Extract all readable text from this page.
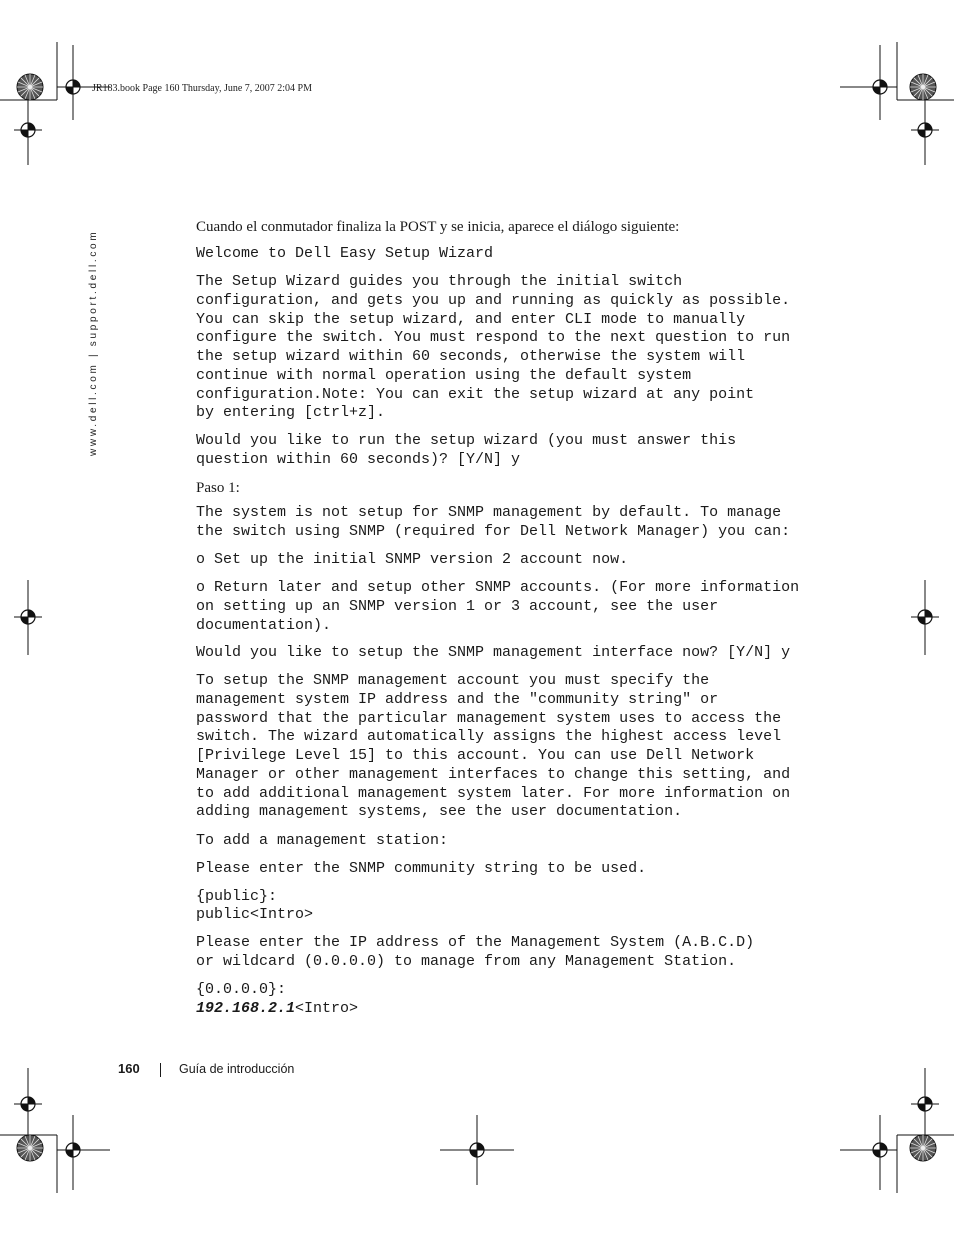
JR183.book Page 160 Thursday, June 7, 2007 2:04 PM
www.dell.com | support.dell.com
Cuando el conmutador finaliza la POST y se inicia, aparece el diálogo siguiente:
Welcome to Dell Easy Setup Wizard
The Setup Wizard guides you through the initial switch
configuration, and gets you up and running as quickly as possible.
You can skip the setup wizard, and enter CLI mode to manually
configure the switch. You must respond to the next question to run
the setup wizard within 60 seconds, otherwise the system will
continue with normal operation using the default system
configuration.Note: You can exit the setup wizard at any point
by entering [ctrl+z].
Would you like to run the setup wizard (you must answer this
question within 60 seconds)? [Y/N] y
Paso 1:
The system is not setup for SNMP management by default. To manage
the switch using SNMP (required for Dell Network Manager) you can:
o Set up the initial SNMP version 2 account now.
o Return later and setup other SNMP accounts. (For more information
on setting up an SNMP version 1 or 3 account, see the user
documentation).
Would you like to setup the SNMP management interface now? [Y/N] y
To setup the SNMP management account you must specify the
management system IP address and the "community string" or
password that the particular management system uses to access the
switch. The wizard automatically assigns the highest access level
[Privilege Level 15] to this account. You can use Dell Network
Manager or other management interfaces to change this setting, and
to add additional management system later. For more information on
adding management systems, see the user documentation.
To add a management station:
Please enter the SNMP community string to be used.
{public}:
public<Intro>
Please enter the IP address of the Management System (A.B.C.D)
or wildcard (0.0.0.0) to manage from any Management Station.
{0.0.0.0}:
192.168.2.1<Intro>
160	Guía de introducción
